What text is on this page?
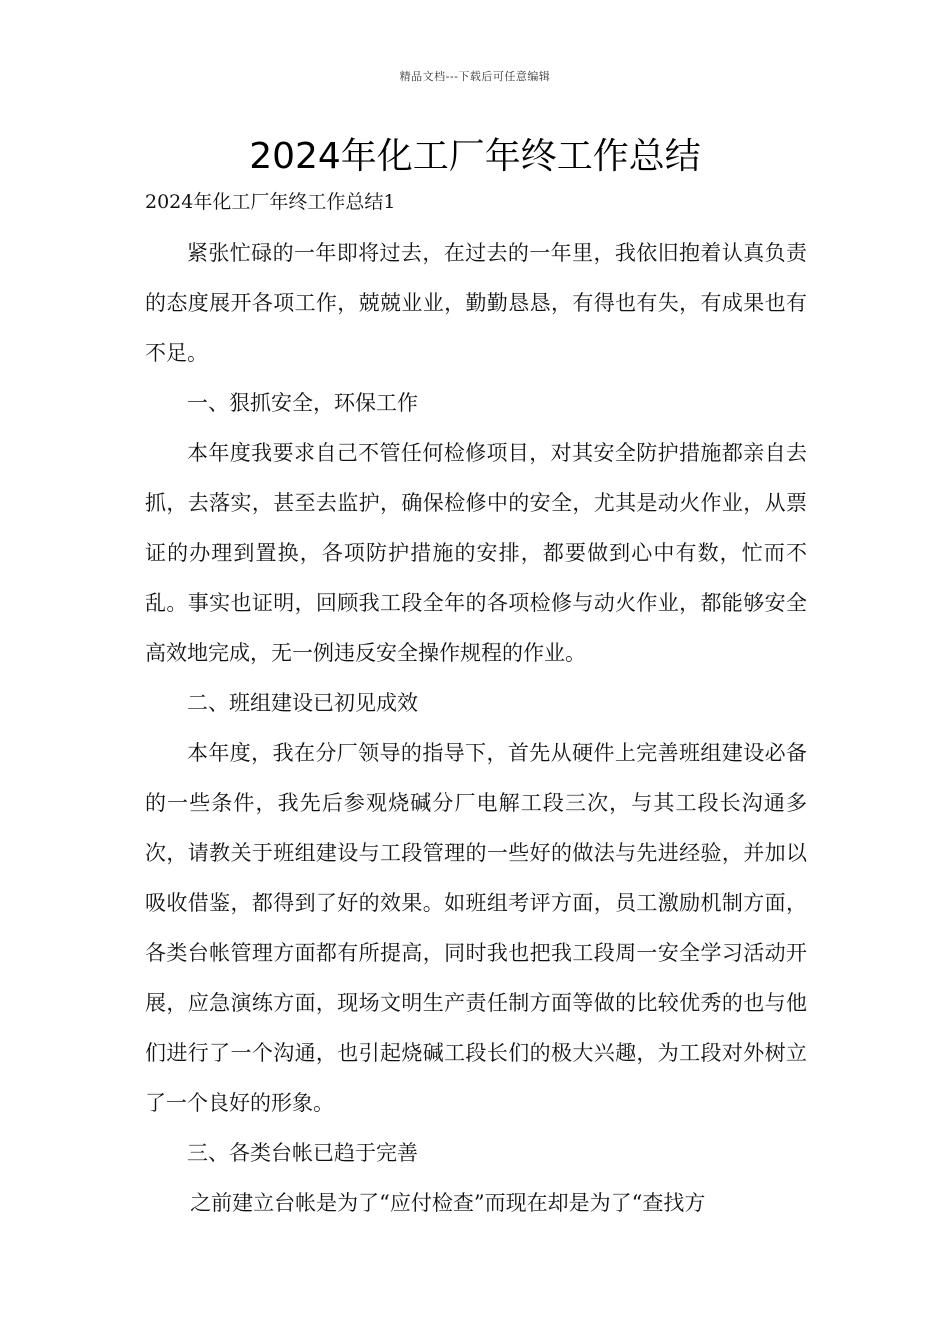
精品文档---下载后可任意编辑
2024年化工厂年终工作总结
2024年化工厂年终工作总结1

紧张忙碌的一年即将过去，在过去的一年里，我依旧抱着认真负责的态度展开各项工作，兢兢业业，勤勤恳恳，有得也有失，有成果也有不足。

一、狠抓安全，环保工作

本年度我要求自己不管任何检修项目，对其安全防护措施都亲自去抓，去落实，甚至去监护，确保检修中的安全，尤其是动火作业，从票证的办理到置换，各项防护措施的安排，都要做到心中有数，忙而不乱。事实也证明，回顾我工段全年的各项检修与动火作业，都能够安全高效地完成，无一例违反安全操作规程的作业。

二、班组建设已初见成效

本年度，我在分厂领导的指导下，首先从硬件上完善班组建设必备的一些条件，我先后参观烧碱分厂电解工段三次，与其工段长沟通多次，请教关于班组建设与工段管理的一些好的做法与先进经验，并加以吸收借鉴，都得到了好的效果。如班组考评方面，员工激励机制方面，各类台帐管理方面都有所提高，同时我也把我工段周一安全学习活动开展，应急演练方面，现场文明生产责任制方面等做的比较优秀的也与他们进行了一个沟通，也引起烧碱工段长们的极大兴趣，为工段对外树立了一个良好的形象。

三、各类台帐已趋于完善

之前建立台帐是为了“应付检查”而现在却是为了“查找方
